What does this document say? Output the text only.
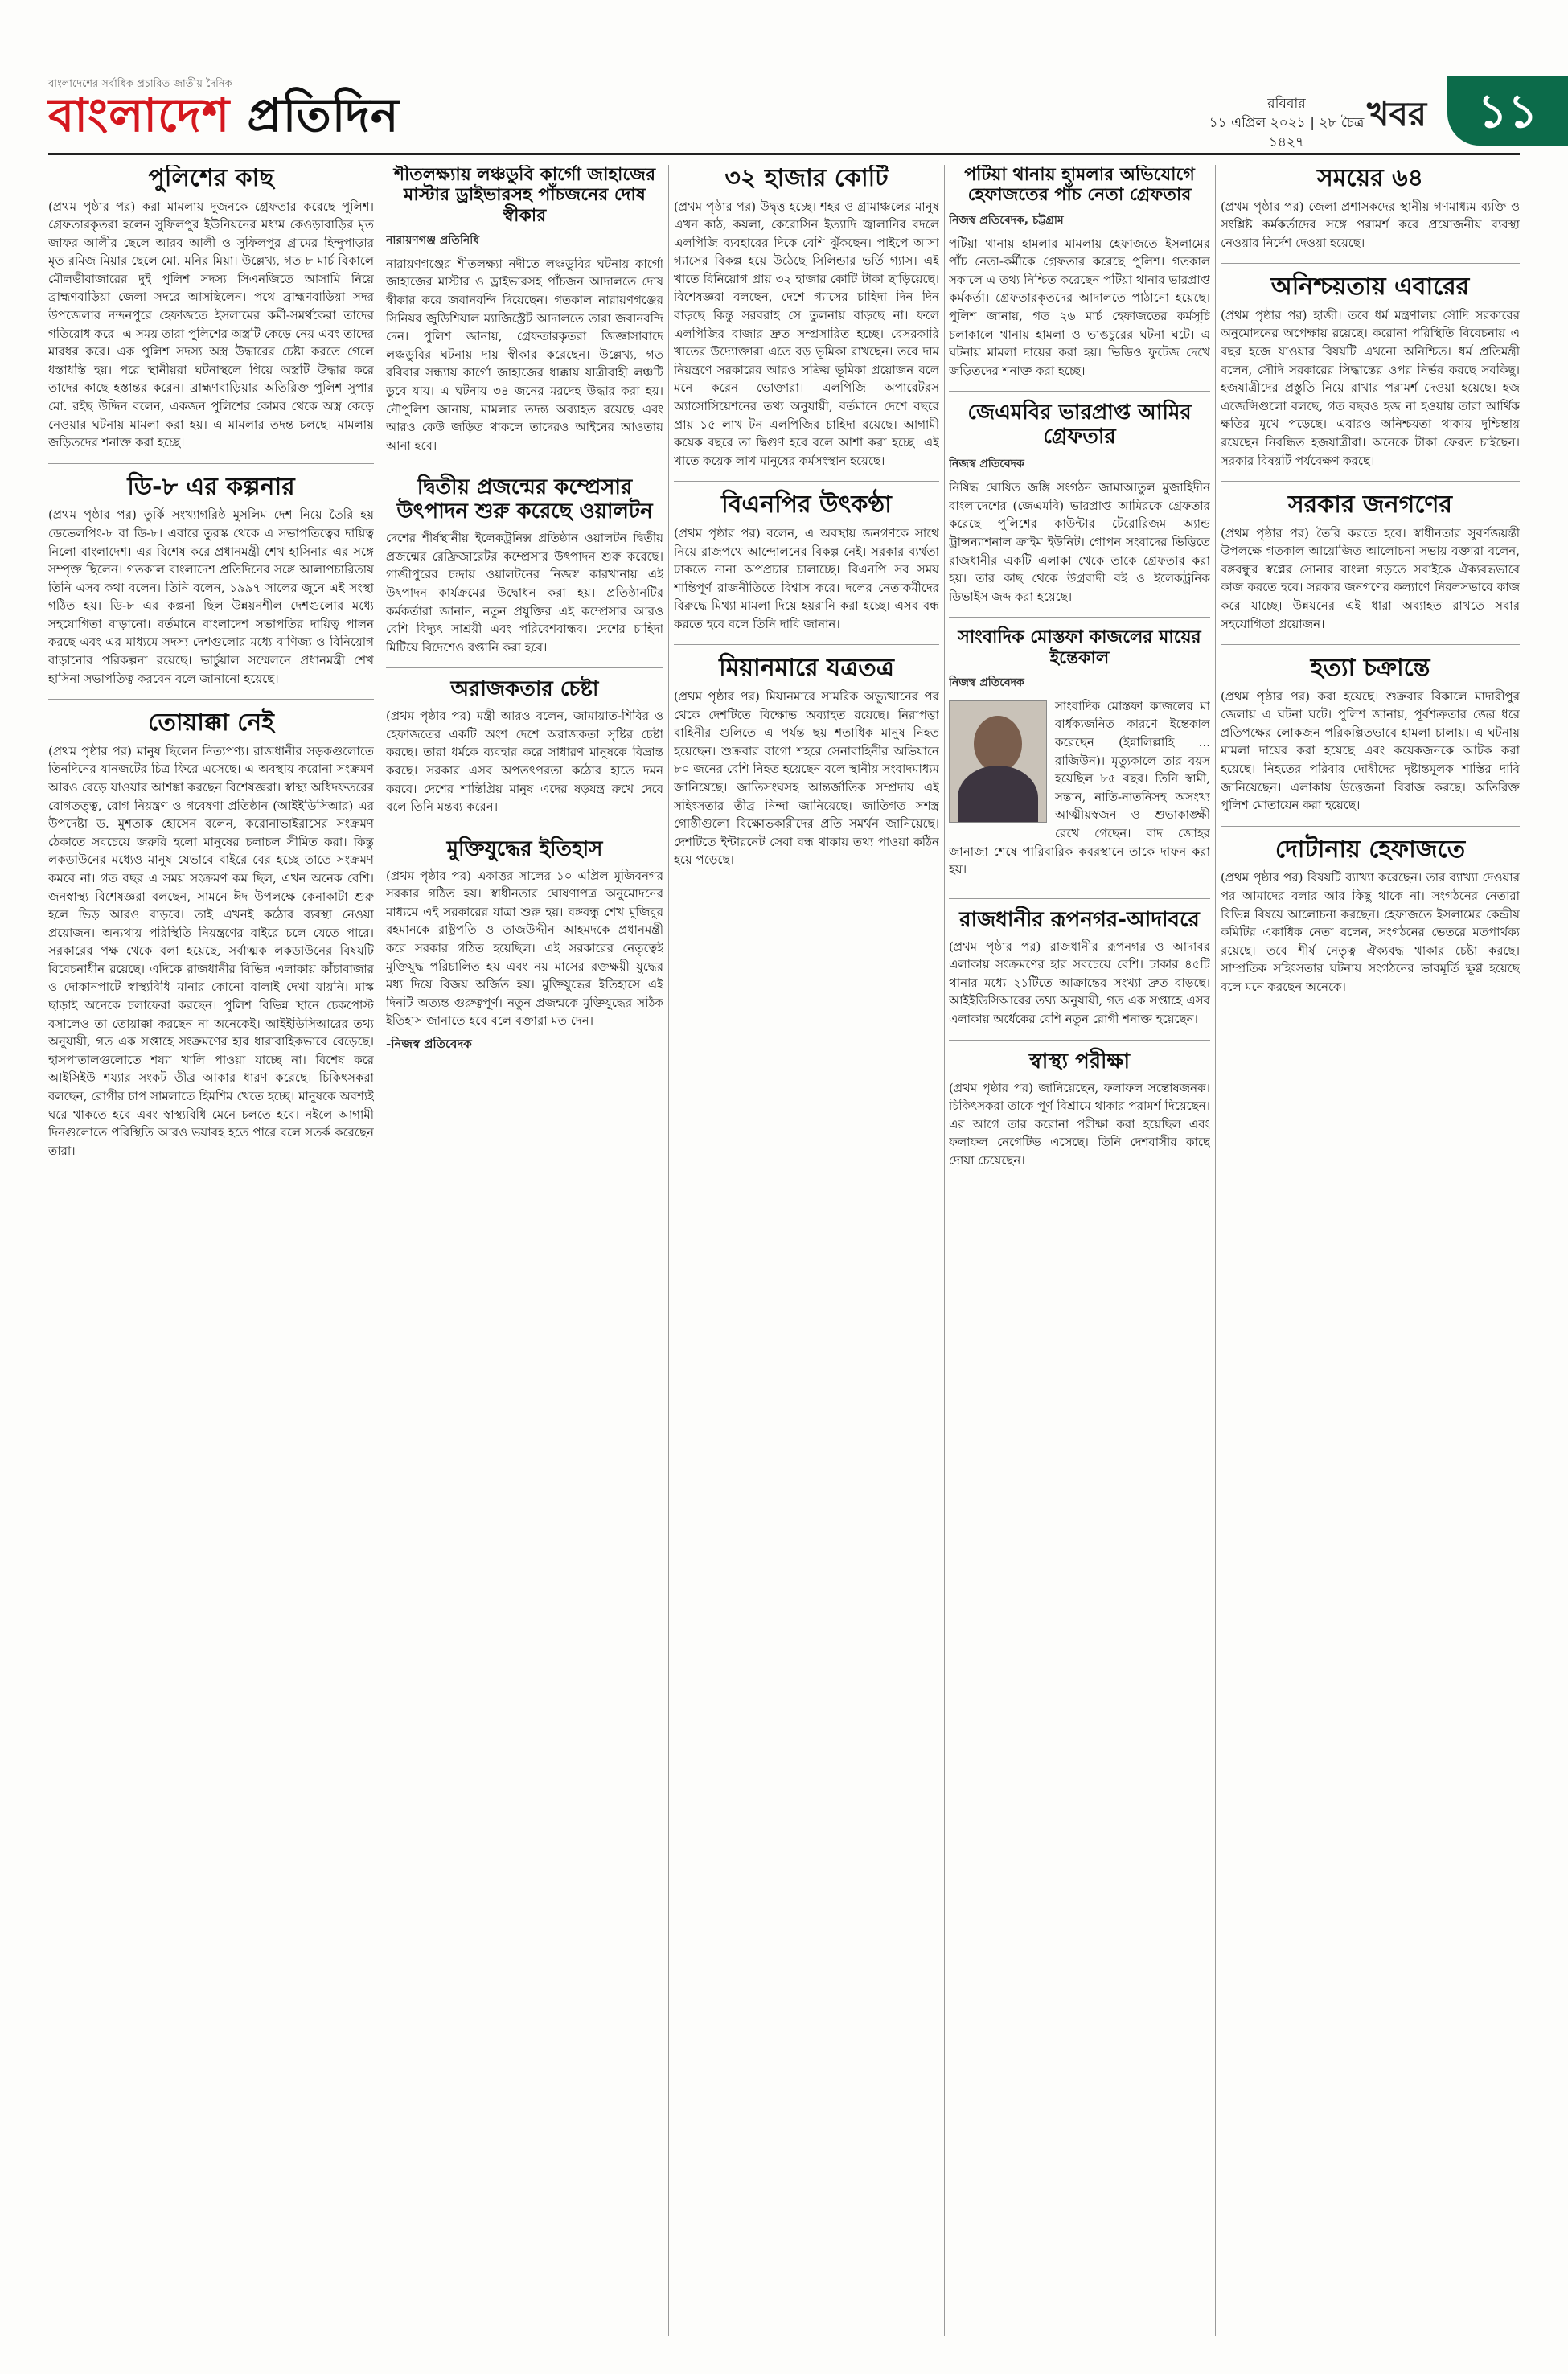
বাংলাদেশের সর্বাধিক প্রচারিত জাতীয় দৈনিক
বাংলাদেশ প্রতিদিন	রবিবার
১১ এপ্রিল ২০২১ | ২৮ চৈত্র ১৪২৭
খবর	১১
পুলিশের কাছ

(প্রথম পৃষ্ঠার পর) করা মামলায় দুজনকে গ্রেফতার করেছে পুলিশ। গ্রেফতারকৃতরা হলেন সুফিলপুর ইউনিয়নের মধ্যম কেওড়াবাড়ির মৃত জাফর আলীর ছেলে আরব আলী ও সুফিলপুর গ্রামের হিন্দুপাড়ার মৃত রমিজ মিয়ার ছেলে মো. মনির মিয়া। উল্লেখ্য, গত ৮ মার্চ বিকালে মৌলভীবাজারের দুই পুলিশ সদস্য সিএনজিতে আসামি নিয়ে ব্রাহ্মণবাড়িয়া জেলা সদরে আসছিলেন। পথে ব্রাহ্মণবাড়িয়া সদর উপজেলার নন্দনপুরে হেফাজতে ইসলামের কর্মী-সমর্থকেরা তাদের গতিরোধ করে। এ সময় তারা পুলিশের অস্ত্রটি কেড়ে নেয় এবং তাদের মারধর করে। এক পুলিশ সদস্য অস্ত্র উদ্ধারের চেষ্টা করতে গেলে ধস্তাধস্তি হয়। পরে স্থানীয়রা ঘটনাস্থলে গিয়ে অস্ত্রটি উদ্ধার করে তাদের কাছে হস্তান্তর করেন। ব্রাহ্মণবাড়িয়ার অতিরিক্ত পুলিশ সুপার মো. রইছ উদ্দিন বলেন, একজন পুলিশের কোমর থেকে অস্ত্র কেড়ে নেওয়ার ঘটনায় মামলা করা হয়। এ মামলার তদন্ত চলছে। মামলায় জড়িতদের শনাক্ত করা হচ্ছে।

ডি-৮ এর কল্পনার

(প্রথম পৃষ্ঠার পর) তুর্কি সংখ্যাগরিষ্ঠ মুসলিম দেশ নিয়ে তৈরি হয় ডেভেলপিং-৮ বা ডি-৮। এবারে তুরস্ক থেকে এ সভাপতিত্বের দায়িত্ব নিলো বাংলাদেশ। এর বিশেষ করে প্রধানমন্ত্রী শেখ হাসিনার এর সঙ্গে সম্পৃক্ত ছিলেন। গতকাল বাংলাদেশ প্রতিদিনের সঙ্গে আলাপচারিতায় তিনি এসব কথা বলেন। তিনি বলেন, ১৯৯৭ সালের জুনে এই সংস্থা গঠিত হয়। ডি-৮ এর কল্পনা ছিল উন্নয়নশীল দেশগুলোর মধ্যে সহযোগিতা বাড়ানো। বর্তমানে বাংলাদেশ সভাপতির দায়িত্ব পালন করছে এবং এর মাধ্যমে সদস্য দেশগুলোর মধ্যে বাণিজ্য ও বিনিয়োগ বাড়ানোর পরিকল্পনা রয়েছে। ভার্চুয়াল সম্মেলনে প্রধানমন্ত্রী শেখ হাসিনা সভাপতিত্ব করবেন বলে জানানো হয়েছে।

তোয়াক্কা নেই

(প্রথম পৃষ্ঠার পর) মানুষ ছিলেন নিত্যপণ্য। রাজধানীর সড়কগুলোতে তিনদিনের যানজটের চিত্র ফিরে এসেছে। এ অবস্থায় করোনা সংক্রমণ আরও বেড়ে যাওয়ার আশঙ্কা করছেন বিশেষজ্ঞরা। স্বাস্থ্য অধিদফতরের রোগতত্ত্ব, রোগ নিয়ন্ত্রণ ও গবেষণা প্রতিষ্ঠান (আইইডিসিআর) এর উপদেষ্টা ড. মুশতাক হোসেন বলেন, করোনাভাইরাসের সংক্রমণ ঠেকাতে সবচেয়ে জরুরি হলো মানুষের চলাচল সীমিত করা। কিন্তু লকডাউনের মধ্যেও মানুষ যেভাবে বাইরে বের হচ্ছে তাতে সংক্রমণ কমবে না। গত বছর এ সময় সংক্রমণ কম ছিল, এখন অনেক বেশি। জনস্বাস্থ্য বিশেষজ্ঞরা বলছেন, সামনে ঈদ উপলক্ষে কেনাকাটা শুরু হলে ভিড় আরও বাড়বে। তাই এখনই কঠোর ব্যবস্থা নেওয়া প্রয়োজন। অন্যথায় পরিস্থিতি নিয়ন্ত্রণের বাইরে চলে যেতে পারে। সরকারের পক্ষ থেকে বলা হয়েছে, সর্বাত্মক লকডাউনের বিষয়টি বিবেচনাধীন রয়েছে। এদিকে রাজধানীর বিভিন্ন এলাকায় কাঁচাবাজার ও দোকানপাটে স্বাস্থ্যবিধি মানার কোনো বালাই দেখা যায়নি। মাস্ক ছাড়াই অনেকে চলাফেরা করছেন। পুলিশ বিভিন্ন স্থানে চেকপোস্ট বসালেও তা তোয়াক্কা করছেন না অনেকেই। আইইডিসিআরের তথ্য অনুযায়ী, গত এক সপ্তাহে সংক্রমণের হার ধারাবাহিকভাবে বেড়েছে। হাসপাতালগুলোতে শয্যা খালি পাওয়া যাচ্ছে না। বিশেষ করে আইসিইউ শয্যার সংকট তীব্র আকার ধারণ করেছে। চিকিৎসকরা বলছেন, রোগীর চাপ সামলাতে হিমশিম খেতে হচ্ছে। মানুষকে অবশ্যই ঘরে থাকতে হবে এবং স্বাস্থ্যবিধি মেনে চলতে হবে। নইলে আগামী দিনগুলোতে পরিস্থিতি আরও ভয়াবহ হতে পারে বলে সতর্ক করেছেন তারা।

শীতলক্ষ্যায় লঞ্চডুবি কার্গো জাহাজের মাস্টার ড্রাইভারসহ পাঁচজনের দোষ স্বীকার
নারায়ণগঞ্জ প্রতিনিধি

নারায়ণগঞ্জের শীতলক্ষ্যা নদীতে লঞ্চডুবির ঘটনায় কার্গো জাহাজের মাস্টার ও ড্রাইভারসহ পাঁচজন আদালতে দোষ স্বীকার করে জবানবন্দি দিয়েছেন। গতকাল নারায়ণগঞ্জের সিনিয়র জুডিশিয়াল ম্যাজিস্ট্রেট আদালতে তারা জবানবন্দি দেন। পুলিশ জানায়, গ্রেফতারকৃতরা জিজ্ঞাসাবাদে লঞ্চডুবির ঘটনায় দায় স্বীকার করেছেন। উল্লেখ্য, গত রবিবার সন্ধ্যায় কার্গো জাহাজের ধাক্কায় যাত্রীবাহী লঞ্চটি ডুবে যায়। এ ঘটনায় ৩৪ জনের মরদেহ উদ্ধার করা হয়। নৌপুলিশ জানায়, মামলার তদন্ত অব্যাহত রয়েছে এবং আরও কেউ জড়িত থাকলে তাদেরও আইনের আওতায় আনা হবে।

দ্বিতীয় প্রজন্মের কম্প্রেসার উৎপাদন শুরু করেছে ওয়ালটন

দেশের শীর্ষস্থানীয় ইলেকট্রনিক্স প্রতিষ্ঠান ওয়ালটন দ্বিতীয় প্রজন্মের রেফ্রিজারেটর কম্প্রেসার উৎপাদন শুরু করেছে। গাজীপুরের চন্দ্রায় ওয়ালটনের নিজস্ব কারখানায় এই উৎপাদন কার্যক্রমের উদ্বোধন করা হয়। প্রতিষ্ঠানটির কর্মকর্তারা জানান, নতুন প্রযুক্তির এই কম্প্রেসার আরও বেশি বিদ্যুৎ সাশ্রয়ী এবং পরিবেশবান্ধব। দেশের চাহিদা মিটিয়ে বিদেশেও রপ্তানি করা হবে।

অরাজকতার চেষ্টা

(প্রথম পৃষ্ঠার পর) মন্ত্রী আরও বলেন, জামায়াত-শিবির ও হেফাজতের একটি অংশ দেশে অরাজকতা সৃষ্টির চেষ্টা করছে। তারা ধর্মকে ব্যবহার করে সাধারণ মানুষকে বিভ্রান্ত করছে। সরকার এসব অপতৎপরতা কঠোর হাতে দমন করবে। দেশের শান্তিপ্রিয় মানুষ এদের ষড়যন্ত্র রুখে দেবে বলে তিনি মন্তব্য করেন।

মুক্তিযুদ্ধের ইতিহাস

(প্রথম পৃষ্ঠার পর) একাত্তর সালের ১০ এপ্রিল মুজিবনগর সরকার গঠিত হয়। স্বাধীনতার ঘোষণাপত্র অনুমোদনের মাধ্যমে এই সরকারের যাত্রা শুরু হয়। বঙ্গবন্ধু শেখ মুজিবুর রহমানকে রাষ্ট্রপতি ও তাজউদ্দীন আহমদকে প্রধানমন্ত্রী করে সরকার গঠিত হয়েছিল। এই সরকারের নেতৃত্বেই মুক্তিযুদ্ধ পরিচালিত হয় এবং নয় মাসের রক্তক্ষয়ী যুদ্ধের মধ্য দিয়ে বিজয় অর্জিত হয়। মুক্তিযুদ্ধের ইতিহাসে এই দিনটি অত্যন্ত গুরুত্বপূর্ণ। নতুন প্রজন্মকে মুক্তিযুদ্ধের সঠিক ইতিহাস জানাতে হবে বলে বক্তারা মত দেন।

-নিজস্ব প্রতিবেদক

৩২ হাজার কোটি

(প্রথম পৃষ্ঠার পর) উদ্বৃত্ত হচ্ছে। শহর ও গ্রামাঞ্চলের মানুষ এখন কাঠ, কয়লা, কেরোসিন ইত্যাদি জ্বালানির বদলে এলপিজি ব্যবহারের দিকে বেশি ঝুঁকছেন। পাইপে আসা গ্যাসের বিকল্প হয়ে উঠেছে সিলিন্ডার ভর্তি গ্যাস। এই খাতে বিনিয়োগ প্রায় ৩২ হাজার কোটি টাকা ছাড়িয়েছে। বিশেষজ্ঞরা বলছেন, দেশে গ্যাসের চাহিদা দিন দিন বাড়ছে কিন্তু সরবরাহ সে তুলনায় বাড়ছে না। ফলে এলপিজির বাজার দ্রুত সম্প্রসারিত হচ্ছে। বেসরকারি খাতের উদ্যোক্তারা এতে বড় ভূমিকা রাখছেন। তবে দাম নিয়ন্ত্রণে সরকারের আরও সক্রিয় ভূমিকা প্রয়োজন বলে মনে করেন ভোক্তারা। এলপিজি অপারেটরস অ্যাসোসিয়েশনের তথ্য অনুযায়ী, বর্তমানে দেশে বছরে প্রায় ১৫ লাখ টন এলপিজির চাহিদা রয়েছে। আগামী কয়েক বছরে তা দ্বিগুণ হবে বলে আশা করা হচ্ছে। এই খাতে কয়েক লাখ মানুষের কর্মসংস্থান হয়েছে।

বিএনপির উৎকণ্ঠা

(প্রথম পৃষ্ঠার পর) বলেন, এ অবস্থায় জনগণকে সাথে নিয়ে রাজপথে আন্দোলনের বিকল্প নেই। সরকার ব্যর্থতা ঢাকতে নানা অপপ্রচার চালাচ্ছে। বিএনপি সব সময় শান্তিপূর্ণ রাজনীতিতে বিশ্বাস করে। দলের নেতাকর্মীদের বিরুদ্ধে মিথ্যা মামলা দিয়ে হয়রানি করা হচ্ছে। এসব বন্ধ করতে হবে বলে তিনি দাবি জানান।

মিয়ানমারে যত্রতত্র

(প্রথম পৃষ্ঠার পর) মিয়ানমারে সামরিক অভ্যুত্থানের পর থেকে দেশটিতে বিক্ষোভ অব্যাহত রয়েছে। নিরাপত্তা বাহিনীর গুলিতে এ পর্যন্ত ছয় শতাধিক মানুষ নিহত হয়েছেন। শুক্রবার বাগো শহরে সেনাবাহিনীর অভিযানে ৮০ জনের বেশি নিহত হয়েছেন বলে স্থানীয় সংবাদমাধ্যম জানিয়েছে। জাতিসংঘসহ আন্তর্জাতিক সম্প্রদায় এই সহিংসতার তীব্র নিন্দা জানিয়েছে। জাতিগত সশস্ত্র গোষ্ঠীগুলো বিক্ষোভকারীদের প্রতি সমর্থন জানিয়েছে। দেশটিতে ইন্টারনেট সেবা বন্ধ থাকায় তথ্য পাওয়া কঠিন হয়ে পড়েছে।

পটিয়া থানায় হামলার অভিযোগে হেফাজতের পাঁচ নেতা গ্রেফতার
নিজস্ব প্রতিবেদক, চট্টগ্রাম

পটিয়া থানায় হামলার মামলায় হেফাজতে ইসলামের পাঁচ নেতা-কর্মীকে গ্রেফতার করেছে পুলিশ। গতকাল সকালে এ তথ্য নিশ্চিত করেছেন পটিয়া থানার ভারপ্রাপ্ত কর্মকর্তা। গ্রেফতারকৃতদের আদালতে পাঠানো হয়েছে। পুলিশ জানায়, গত ২৬ মার্চ হেফাজতের কর্মসূচি চলাকালে থানায় হামলা ও ভাঙচুরের ঘটনা ঘটে। এ ঘটনায় মামলা দায়ের করা হয়। ভিডিও ফুটেজ দেখে জড়িতদের শনাক্ত করা হচ্ছে।

জেএমবির ভারপ্রাপ্ত আমির গ্রেফতার
নিজস্ব প্রতিবেদক

নিষিদ্ধ ঘোষিত জঙ্গি সংগঠন জামাআতুল মুজাহিদীন বাংলাদেশের (জেএমবি) ভারপ্রাপ্ত আমিরকে গ্রেফতার করেছে পুলিশের কাউন্টার টেরোরিজম অ্যান্ড ট্রান্সন্যাশনাল ক্রাইম ইউনিট। গোপন সংবাদের ভিত্তিতে রাজধানীর একটি এলাকা থেকে তাকে গ্রেফতার করা হয়। তার কাছ থেকে উগ্রবাদী বই ও ইলেকট্রনিক ডিভাইস জব্দ করা হয়েছে।

সাংবাদিক মোস্তফা কাজলের মায়ের ইন্তেকাল
নিজস্ব প্রতিবেদক

সাংবাদিক মোস্তফা কাজলের মা বার্ধক্যজনিত কারণে ইন্তেকাল করেছেন (ইন্নালিল্লাহি ... রাজিউন)। মৃত্যুকালে তার বয়স হয়েছিল ৮৫ বছর। তিনি স্বামী, সন্তান, নাতি-নাতনিসহ অসংখ্য আত্মীয়স্বজন ও শুভাকাঙ্ক্ষী রেখে গেছেন। বাদ জোহর জানাজা শেষে পারিবারিক কবরস্থানে তাকে দাফন করা হয়।

রাজধানীর রূপনগর-আদাবরে

(প্রথম পৃষ্ঠার পর) রাজধানীর রূপনগর ও আদাবর এলাকায় সংক্রমণের হার সবচেয়ে বেশি। ঢাকার ৪৫টি থানার মধ্যে ২১টিতে আক্রান্তের সংখ্যা দ্রুত বাড়ছে। আইইডিসিআরের তথ্য অনুযায়ী, গত এক সপ্তাহে এসব এলাকায় অর্ধেকের বেশি নতুন রোগী শনাক্ত হয়েছেন।

স্বাস্থ্য পরীক্ষা

(প্রথম পৃষ্ঠার পর) জানিয়েছেন, ফলাফল সন্তোষজনক। চিকিৎসকরা তাকে পূর্ণ বিশ্রামে থাকার পরামর্শ দিয়েছেন। এর আগে তার করোনা পরীক্ষা করা হয়েছিল এবং ফলাফল নেগেটিভ এসেছে। তিনি দেশবাসীর কাছে দোয়া চেয়েছেন।

সময়ের ৬৪

(প্রথম পৃষ্ঠার পর) জেলা প্রশাসকদের স্থানীয় গণমাধ্যম ব্যক্তি ও সংশ্লিষ্ট কর্মকর্তাদের সঙ্গে পরামর্শ করে প্রয়োজনীয় ব্যবস্থা নেওয়ার নির্দেশ দেওয়া হয়েছে।

অনিশ্চয়তায় এবারের

(প্রথম পৃষ্ঠার পর) হাজী। তবে ধর্ম মন্ত্রণালয় সৌদি সরকারের অনুমোদনের অপেক্ষায় রয়েছে। করোনা পরিস্থিতি বিবেচনায় এ বছর হজে যাওয়ার বিষয়টি এখনো অনিশ্চিত। ধর্ম প্রতিমন্ত্রী বলেন, সৌদি সরকারের সিদ্ধান্তের ওপর নির্ভর করছে সবকিছু। হজযাত্রীদের প্রস্তুতি নিয়ে রাখার পরামর্শ দেওয়া হয়েছে। হজ এজেন্সিগুলো বলছে, গত বছরও হজ না হওয়ায় তারা আর্থিক ক্ষতির মুখে পড়েছে। এবারও অনিশ্চয়তা থাকায় দুশ্চিন্তায় রয়েছেন নিবন্ধিত হজযাত্রীরা। অনেকে টাকা ফেরত চাইছেন। সরকার বিষয়টি পর্যবেক্ষণ করছে।

সরকার জনগণের

(প্রথম পৃষ্ঠার পর) তৈরি করতে হবে। স্বাধীনতার সুবর্ণজয়ন্তী উপলক্ষে গতকাল আয়োজিত আলোচনা সভায় বক্তারা বলেন, বঙ্গবন্ধুর স্বপ্নের সোনার বাংলা গড়তে সবাইকে ঐক্যবদ্ধভাবে কাজ করতে হবে। সরকার জনগণের কল্যাণে নিরলসভাবে কাজ করে যাচ্ছে। উন্নয়নের এই ধারা অব্যাহত রাখতে সবার সহযোগিতা প্রয়োজন।

হত্যা চক্রান্তে

(প্রথম পৃষ্ঠার পর) করা হয়েছে। শুক্রবার বিকালে মাদারীপুর জেলায় এ ঘটনা ঘটে। পুলিশ জানায়, পূর্বশত্রুতার জের ধরে প্রতিপক্ষের লোকজন পরিকল্পিতভাবে হামলা চালায়। এ ঘটনায় মামলা দায়ের করা হয়েছে এবং কয়েকজনকে আটক করা হয়েছে। নিহতের পরিবার দোষীদের দৃষ্টান্তমূলক শাস্তির দাবি জানিয়েছেন। এলাকায় উত্তেজনা বিরাজ করছে। অতিরিক্ত পুলিশ মোতায়েন করা হয়েছে।

দোটানায় হেফাজতে

(প্রথম পৃষ্ঠার পর) বিষয়টি ব্যাখ্যা করেছেন। তার ব্যাখ্যা দেওয়ার পর আমাদের বলার আর কিছু থাকে না। সংগঠনের নেতারা বিভিন্ন বিষয়ে আলোচনা করছেন। হেফাজতে ইসলামের কেন্দ্রীয় কমিটির একাধিক নেতা বলেন, সংগঠনের ভেতরে মতপার্থক্য রয়েছে। তবে শীর্ষ নেতৃত্ব ঐক্যবদ্ধ থাকার চেষ্টা করছে। সাম্প্রতিক সহিংসতার ঘটনায় সংগঠনের ভাবমূর্তি ক্ষুণ্ণ হয়েছে বলে মনে করছেন অনেকে।
